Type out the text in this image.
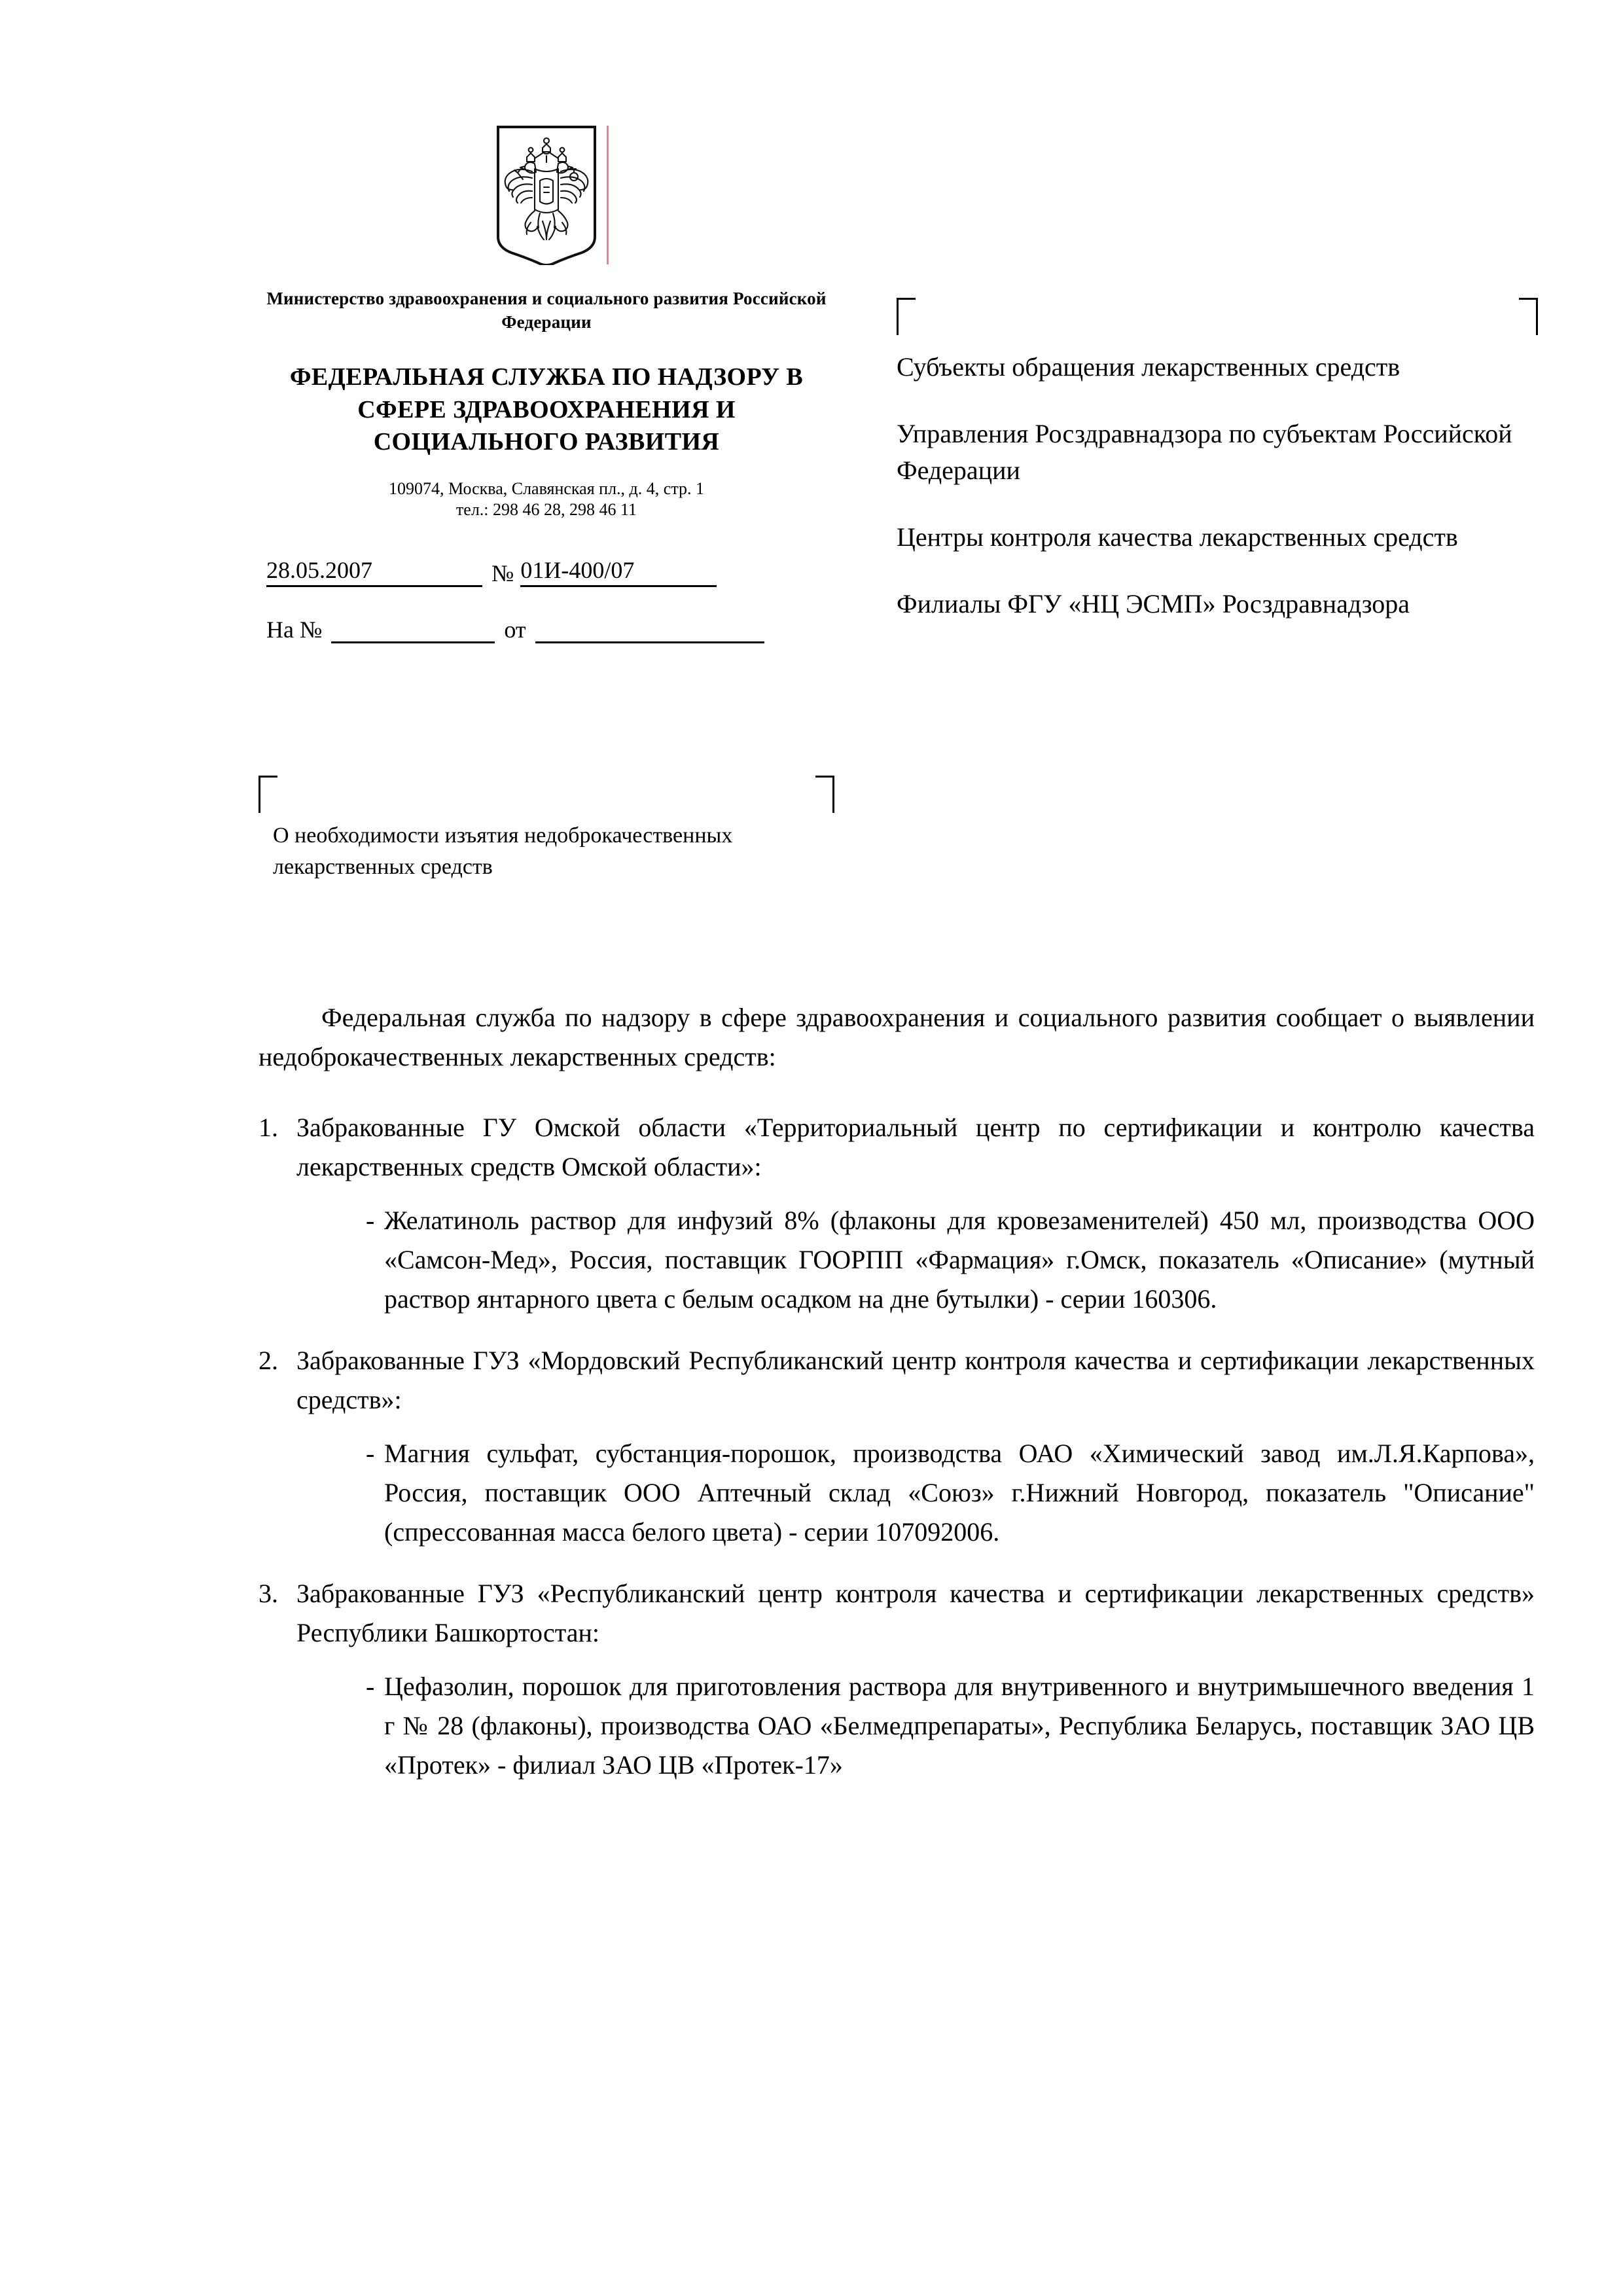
Министерство здравоохранения и социального развития Российской Федерации
ФЕДЕРАЛЬНАЯ СЛУЖБА ПО НАДЗОРУ В СФЕРЕ ЗДРАВООХРАНЕНИЯ И СОЦИАЛЬНОГО РАЗВИТИЯ
109074, Москва, Славянская пл., д. 4, стр. 1
тел.: 298 46 28, 298 46 11
28.05.2007	№ 01И-400/07
На №	от
Субъекты обращения лекарственных средств
Управления Росздравнадзора по субъектам Российской Федерации
Центры контроля качества лекарственных средств
Филиалы ФГУ «НЦ ЭСМП» Росздравнадзора
О необходимости изъятия недоброкачественных лекарственных средств

Федеральная служба по надзору в сфере здравоохранения и социального развития сообщает о выявлении недоброкачественных лекарственных средств:

Забракованные ГУ Омской области «Территориальный центр по сертификации и контролю качества лекарственных средств Омской области»:
- Желатиноль раствор для инфузий 8% (флаконы для кровезаменителей) 450 мл, производства ООО «Самсон-Мед», Россия, поставщик ГООРПП «Фармация» г.Омск, показатель «Описание» (мутный раствор янтарного цвета с белым осадком на дне бутылки) - серии 160306.
Забракованные ГУЗ «Мордовский Республиканский центр контроля качества и сертификации лекарственных средств»:
- Магния сульфат, субстанция-порошок, производства ОАО «Химический завод им.Л.Я.Карпова», Россия, поставщик ООО Аптечный склад «Союз» г.Нижний Новгород, показатель "Описание" (спрессованная масса белого цвета) - серии 107092006.
Забракованные ГУЗ «Республиканский центр контроля качества и сертификации лекарственных средств» Республики Башкортостан:
- Цефазолин, порошок для приготовления раствора для внутривенного и внутримышечного введения 1 г № 28 (флаконы), производства ОАО «Белмедпрепараты», Республика Беларусь, поставщик ЗАО ЦВ «Протек» - филиал ЗАО ЦВ «Протек-17»
